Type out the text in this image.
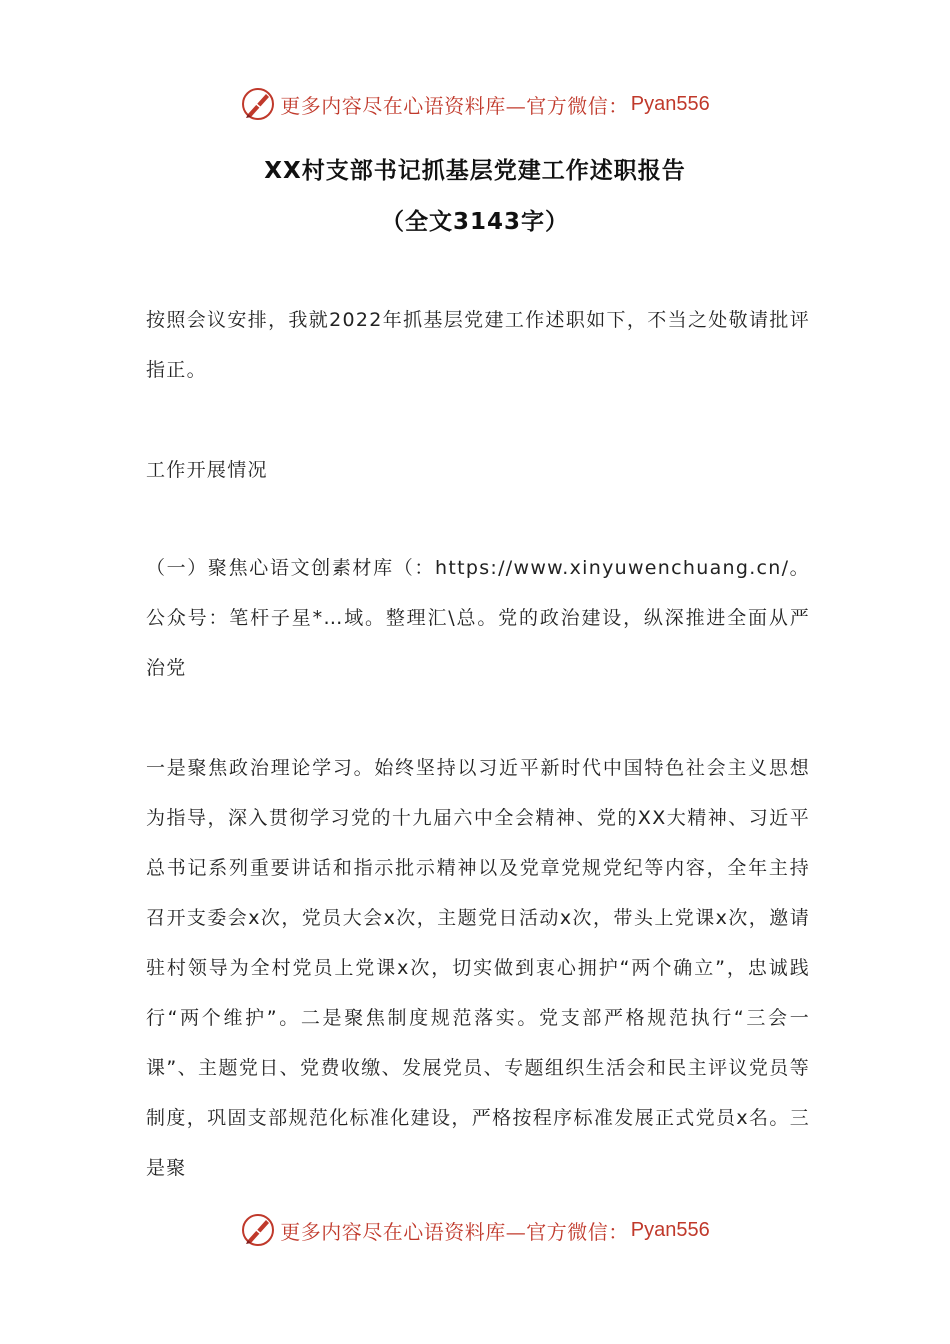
更多内容尽在心语资料库—官方微信： Pyan556
XX村支部书记抓基层党建工作述职报告
（全文3143字）

按照会议安排，我就2022年抓基层党建工作述职如下，不当之处敬请批评指正。

工作开展情况

（一）聚焦心语文创素材库（：https://www.xinyuwenchuang.cn/。公众号：笔杆子星*…域。整理汇\总。党的政治建设，纵深推进全面从严治党

一是聚焦政治理论学习。始终坚持以习近平新时代中国特色社会主义思想为指导，深入贯彻学习党的十九届六中全会精神、党的XX大精神、习近平总书记系列重要讲话和指示批示精神以及党章党规党纪等内容，全年主持召开支委会x次，党员大会x次，主题党日活动x次，带头上党课x次，邀请驻村领导为全村党员上党课x次，切实做到衷心拥护“两个确立”，忠诚践行“两个维护”。二是聚焦制度规范落实。党支部严格规范执行“三会一课”、主题党日、党费收缴、发展党员、专题组织生活会和民主评议党员等制度，巩固支部规范化标准化建设，严格按程序标准发展正式党员x名。三是聚

更多内容尽在心语资料库—官方微信： Pyan556
